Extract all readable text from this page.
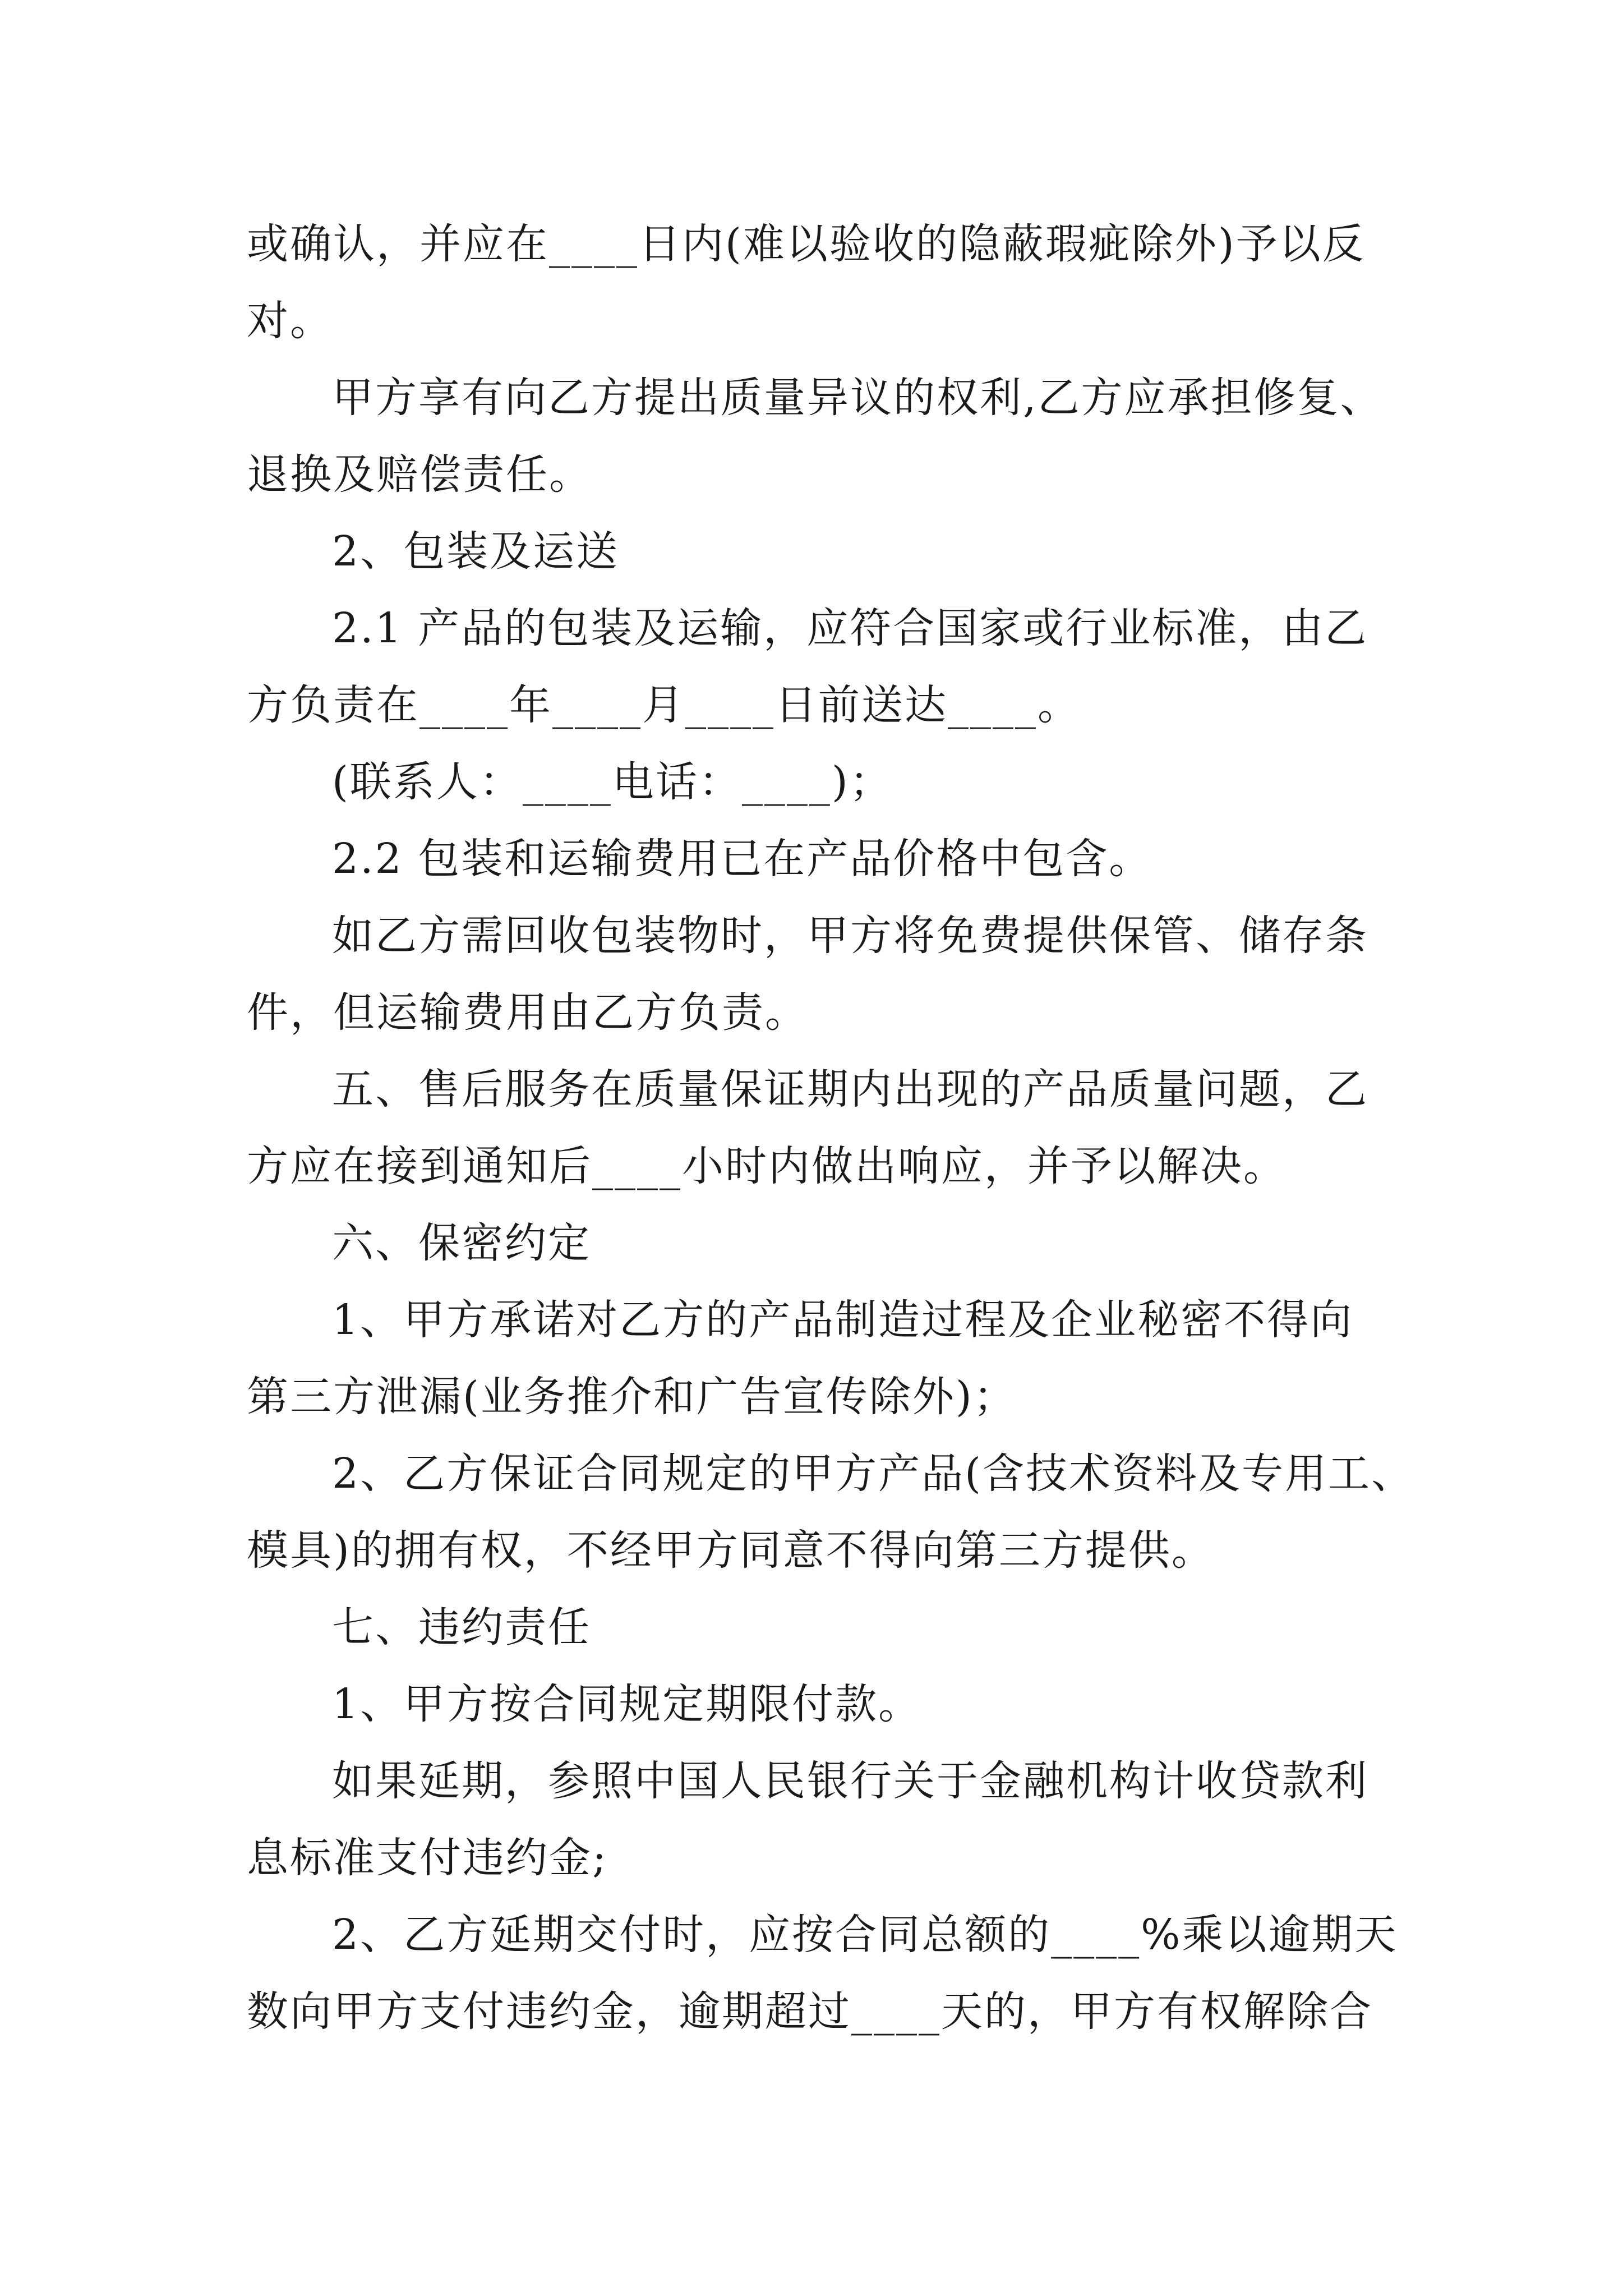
或确认，并应在____日内(难以验收的隐蔽瑕疵除外)予以反
对。
甲方享有向乙方提出质量异议的权利,乙方应承担修复、
退换及赔偿责任。
2、包装及运送
2.1 产品的包装及运输，应符合国家或行业标准，由乙
方负责在____年____月____日前送达____。
(联系人：____电话：____)；
2.2 包装和运输费用已在产品价格中包含。
如乙方需回收包装物时，甲方将免费提供保管、储存条
件，但运输费用由乙方负责。
五、售后服务在质量保证期内出现的产品质量问题，乙
方应在接到通知后____小时内做出响应，并予以解决。
六、保密约定
1、甲方承诺对乙方的产品制造过程及企业秘密不得向
第三方泄漏(业务推介和广告宣传除外)；
2、乙方保证合同规定的甲方产品(含技术资料及专用工、
模具)的拥有权，不经甲方同意不得向第三方提供。
七、违约责任
1、甲方按合同规定期限付款。
如果延期，参照中国人民银行关于金融机构计收贷款利
息标准支付违约金;
2、乙方延期交付时，应按合同总额的____%乘以逾期天
数向甲方支付违约金，逾期超过____天的，甲方有权解除合
